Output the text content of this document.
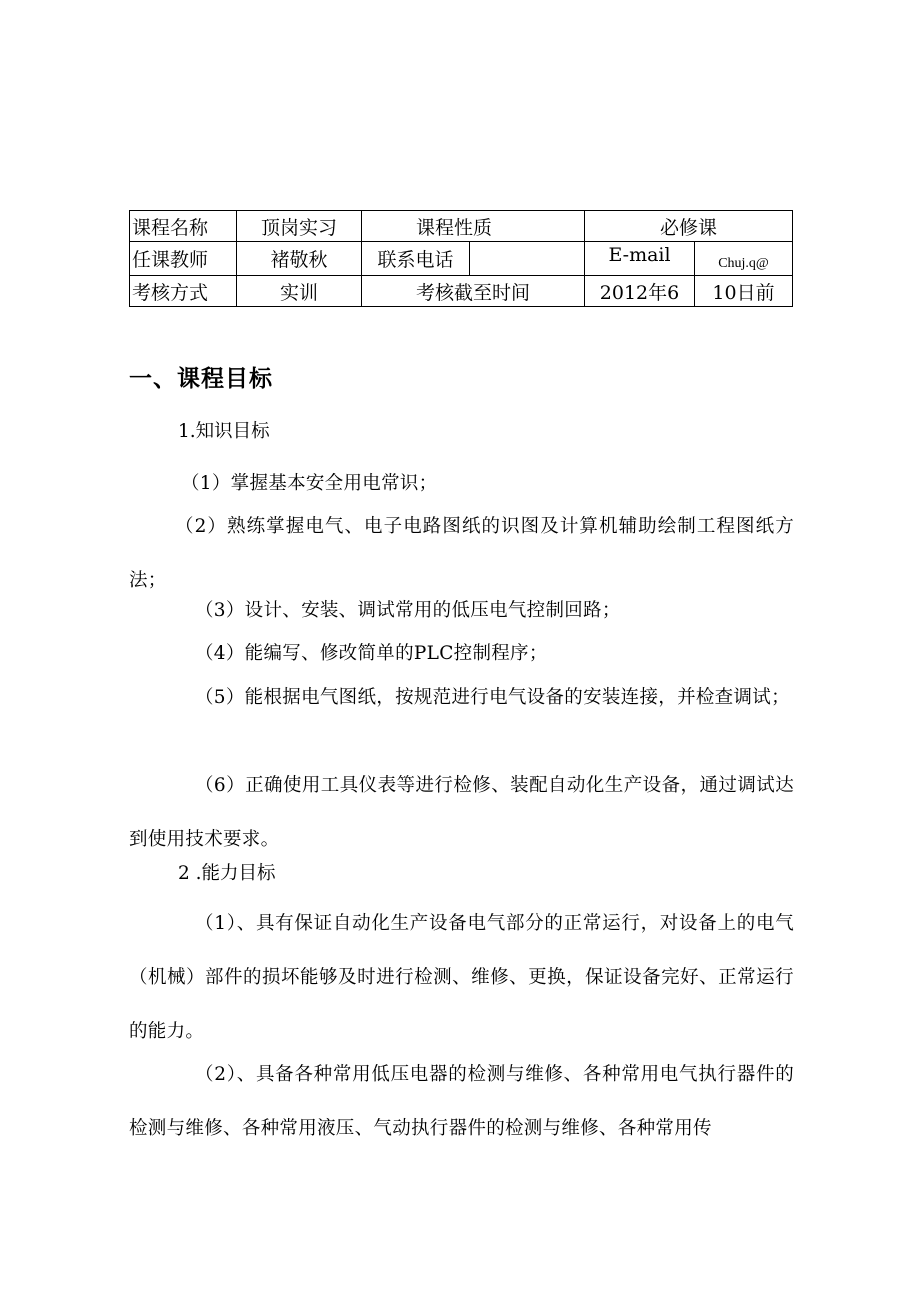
课程名称	顶岗实习	课程性质		必修课	
任课教师	褚敬秋	联系电话		E-mail	Chuj.q@
考核方式	实训	考核截至时间		2012年6	10日前
一、课程目标
1.知识目标
（1）掌握基本安全用电常识；
（2）熟练掌握电气、电子电路图纸的识图及计算机辅助绘制工程图纸方法；
（3）设计、安装、调试常用的低压电气控制回路；
（4）能编写、修改简单的PLC控制程序；
（5）能根据电气图纸，按规范进行电气设备的安装连接，并检查调试；
（6）正确使用工具仪表等进行检修、装配自动化生产设备，通过调试达到使用技术要求。
2 .能力目标
（1）、具有保证自动化生产设备电气部分的正常运行，对设备上的电气（机械）部件的损坏能够及时进行检测、维修、更换，保证设备完好、正常运行的能力。
（2）、具备各种常用低压电器的检测与维修、各种常用电气执行器件的检测与维修、各种常用液压、气动执行器件的检测与维修、各种常用传
